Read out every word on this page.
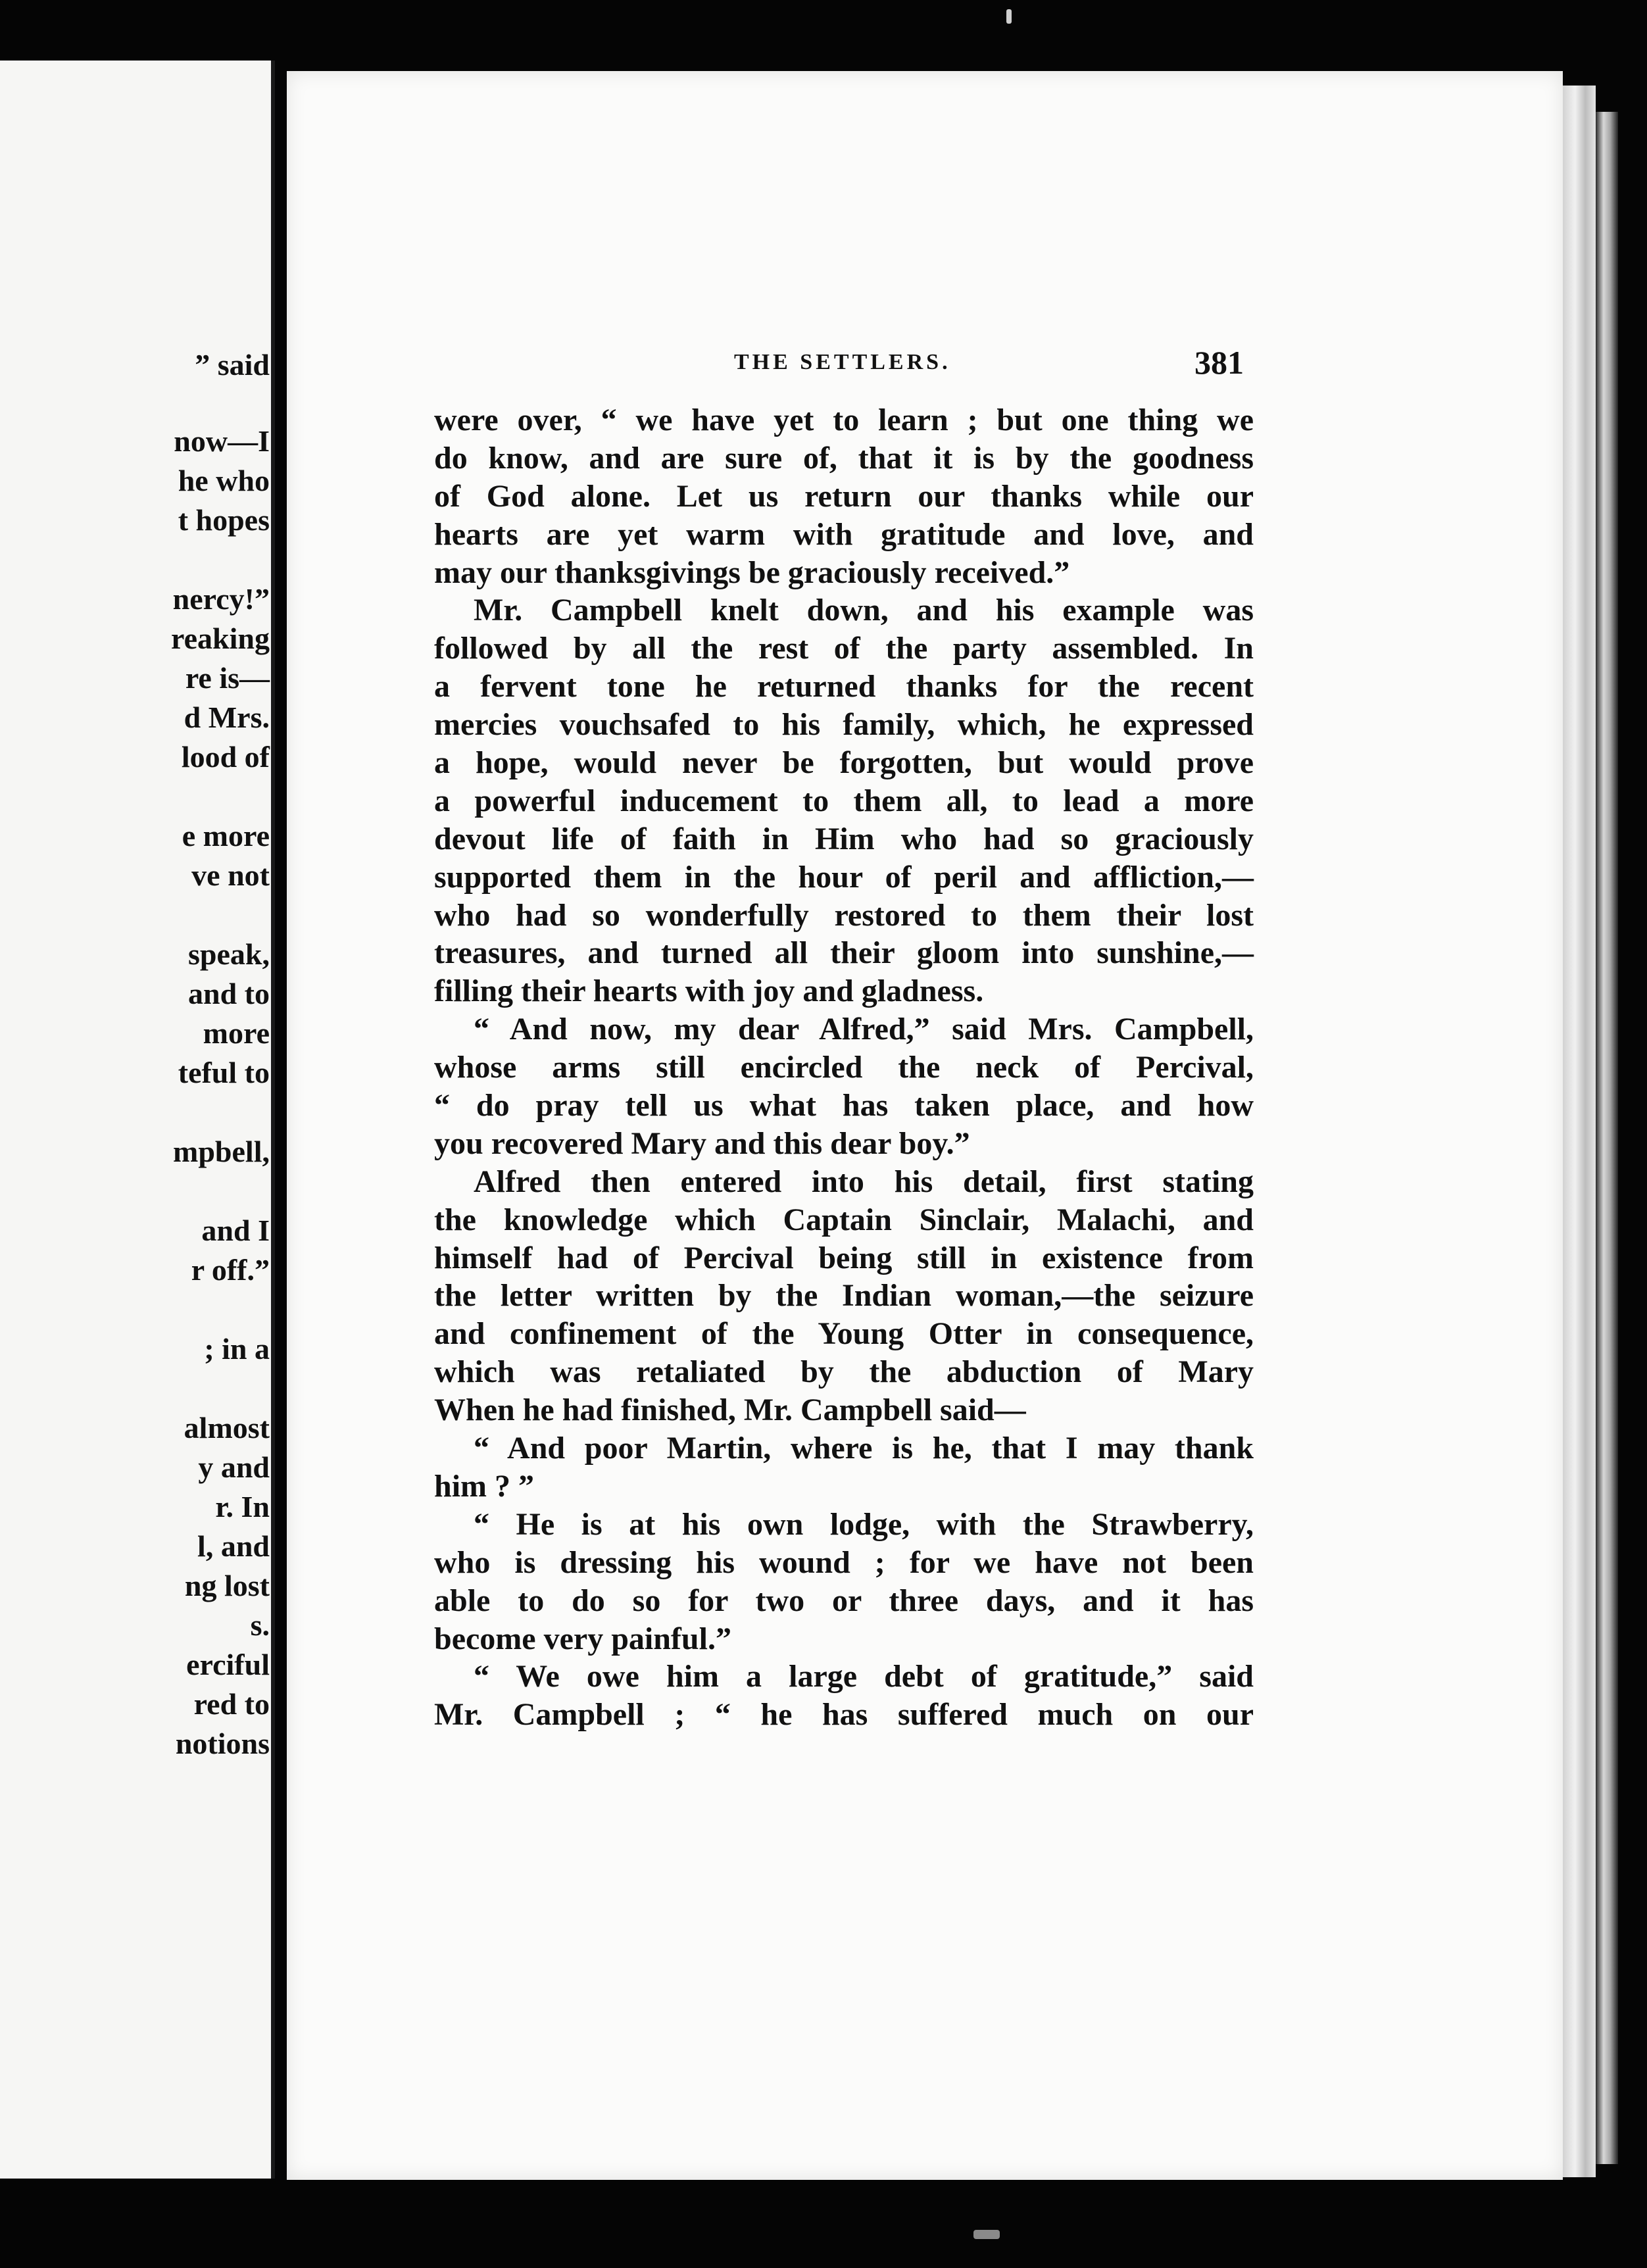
” said
now—I
he who
t hopes
nercy!”
reaking
re is—
d Mrs.
lood of
e more
ve not
speak,
and to
more
teful to
mpbell,
and I
r off.”
; in a
almost
y and
r. In
l, and
ng lost
s.
erciful
red to
notions
THE SETTLERS.	381
were over, “ we have yet to learn ; but one thing we
do know, and are sure of, that it is by the goodness
of God alone. Let us return our thanks while our
hearts are yet warm with gratitude and love, and
may our thanksgivings be graciously received.”
Mr. Campbell knelt down, and his example was
followed by all the rest of the party assembled. In
a fervent tone he returned thanks for the recent
mercies vouchsafed to his family, which, he expressed
a hope, would never be forgotten, but would prove
a powerful inducement to them all, to lead a more
devout life of faith in Him who had so graciously
supported them in the hour of peril and affliction,—
who had so wonderfully restored to them their lost
treasures, and turned all their gloom into sunshine,—
filling their hearts with joy and gladness.
“ And now, my dear Alfred,” said Mrs. Campbell,
whose arms still encircled the neck of Percival,
“ do pray tell us what has taken place, and how
you recovered Mary and this dear boy.”
Alfred then entered into his detail, first stating
the knowledge which Captain Sinclair, Malachi, and
himself had of Percival being still in existence from
the letter written by the Indian woman,—the seizure
and confinement of the Young Otter in consequence,
which was retaliated by the abduction of Mary
When he had finished, Mr. Campbell said—
“ And poor Martin, where is he, that I may thank
him ? ”
“ He is at his own lodge, with the Strawberry,
who is dressing his wound ; for we have not been
able to do so for two or three days, and it has
become very painful.”
“ We owe him a large debt of gratitude,” said
Mr. Campbell ; “ he has suffered much on our
